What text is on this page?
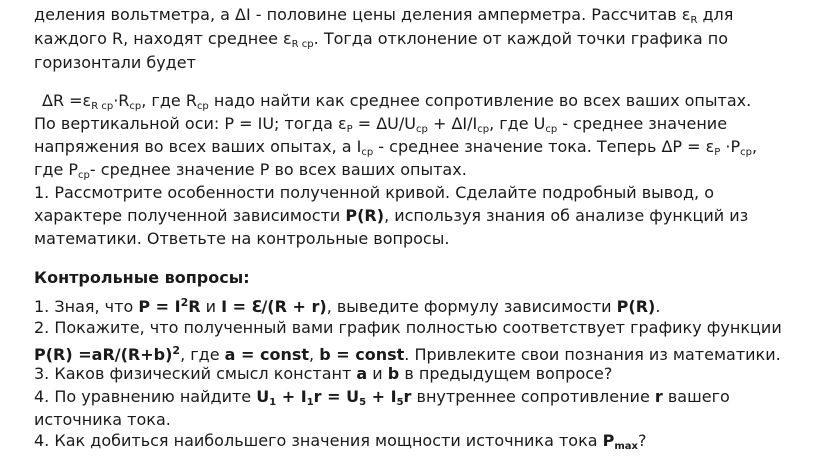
деления вольтметра, а ΔI - половине цены деления амперметра. Рассчитав $\varepsilon_R$ для
каждого R, находят среднее $\varepsilon_{R ср}$. Тогда отклонение от каждой точки графика по
горизонтали будет
$\Delta R =\varepsilon_{R ср}\cdot R_{ср}$, где $R_{ср}$ надо найти как среднее сопротивление во всех ваших опытах.
По вертикальной оси: P = IU; тогда $\varepsilon_P = \Delta U/U_{ср} + \Delta I/I_{ср}$, где $U_{ср}$ - среднее значение
напряжения во всех ваших опытах, а $I_{ср}$ - среднее значение тока. Теперь $\Delta P = \varepsilon_P \cdot P_{ср}$,
где $P_{ср}-$ среднее значение P во всех ваших опытах.
1. Рассмотрите особенности полученной кривой. Сделайте подробный вывод, о
характере полученной зависимости P(R), используя знания об анализе функций из
математики. Ответьте на контрольные вопросы.
Контрольные вопросы:
1. Зная, что $P = I^2R$ и I = ℇ/(R + r), выведите формулу зависимости P(R).
2. Покажите, что полученный вами график полностью соответствует графику функции
$P(R) =aR/(R+b)^2$, где a = const, b = const. Привлеките свои познания из математики.
3. Каков физический смысл констант a и b в предыдущем вопросе?
4. По уравнению найдите $U_1 + I_1r = U_5 + I_5r$ внутреннее сопротивление r вашего
источника тока.
4. Как добиться наибольшего значения мощности источника тока $P_{max}$?
